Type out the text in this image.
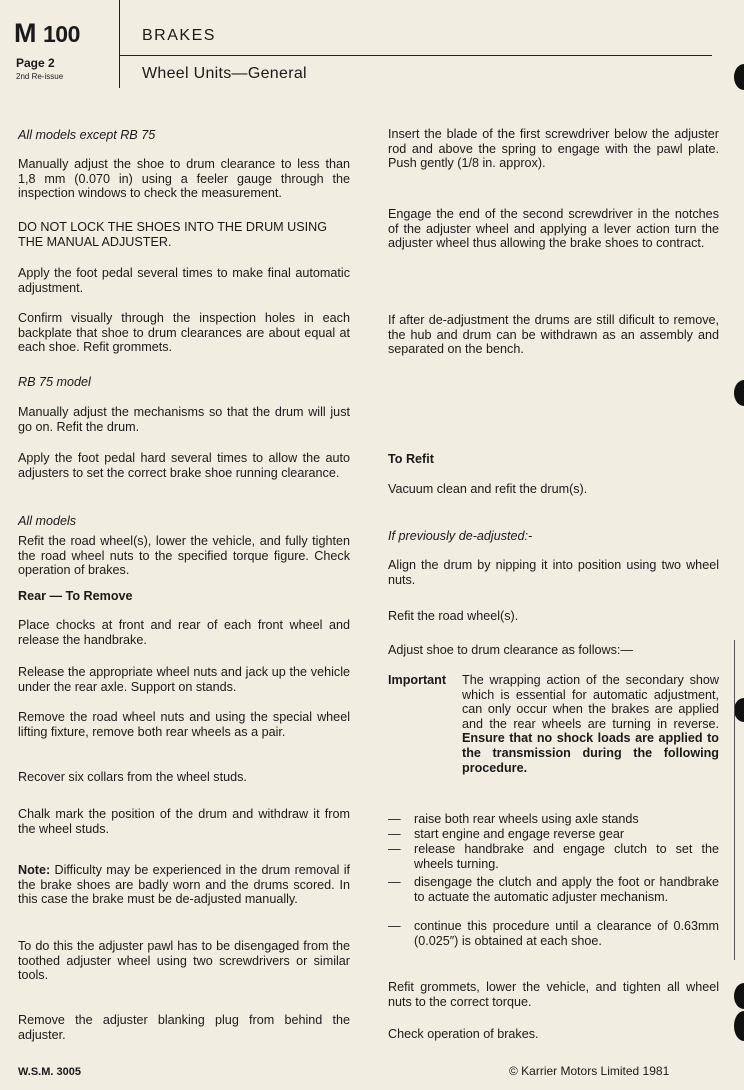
M 100
Page 2
2nd Re-issue
BRAKES
Wheel Units—General

All models except RB 75

Manually adjust the shoe to drum clearance to less than 1,8 mm (0.070 in) using a feeler gauge through the inspection windows to check the measurement.

DO NOT LOCK THE SHOES INTO THE DRUM USING THE MANUAL ADJUSTER.

Apply the foot pedal several times to make final automatic adjustment.

Confirm visually through the inspection holes in each backplate that shoe to drum clearances are about equal at each shoe. Refit grommets.

RB 75 model

Manually adjust the mechanisms so that the drum will just go on. Refit the drum.

Apply the foot pedal hard several times to allow the auto adjusters to set the correct brake shoe running clearance.

All models

Refit the road wheel(s), lower the vehicle, and fully tighten the road wheel nuts to the specified torque figure. Check operation of brakes.

Rear — To Remove

Place chocks at front and rear of each front wheel and release the handbrake.

Release the appropriate wheel nuts and jack up the vehicle under the rear axle. Support on stands.

Remove the road wheel nuts and using the special wheel lifting fixture, remove both rear wheels as a pair.

Recover six collars from the wheel studs.

Chalk mark the position of the drum and withdraw it from the wheel studs.

Note: Difficulty may be experienced in the drum removal if the brake shoes are badly worn and the drums scored. In this case the brake must be de-adjusted manually.

To do this the adjuster pawl has to be disengaged from the toothed adjuster wheel using two screwdrivers or similar tools.

Remove the adjuster blanking plug from behind the adjuster.

Insert the blade of the first screwdriver below the adjuster rod and above the spring to engage with the pawl plate. Push gently (1/8 in. approx).

Engage the end of the second screwdriver in the notches of the adjuster wheel and applying a lever action turn the adjuster wheel thus allowing the brake shoes to contract.

If after de-adjustment the drums are still dificult to remove, the hub and drum can be withdrawn as an assembly and separated on the bench.

To Refit

Vacuum clean and refit the drum(s).

If previously de-adjusted:-

Align the drum by nipping it into position using two wheel nuts.

Refit the road wheel(s).

Adjust shoe to drum clearance as follows:—

Important The wrapping action of the secondary show which is essential for automatic adjustment, can only occur when the brakes are applied and the rear wheels are turning in reverse. Ensure that no shock loads are applied to the transmission during the following procedure.
— raise both rear wheels using axle stands
— start engine and engage reverse gear
— release handbrake and engage clutch to set the wheels turning.
— disengage the clutch and apply the foot or handbrake to actuate the automatic adjuster mechanism.
— continue this procedure until a clearance of 0.63mm (0.025″) is obtained at each shoe.

Refit grommets, lower the vehicle, and tighten all wheel nuts to the correct torque.

Check operation of brakes.

W.S.M. 3005	© Karrier Motors Limited 1981
